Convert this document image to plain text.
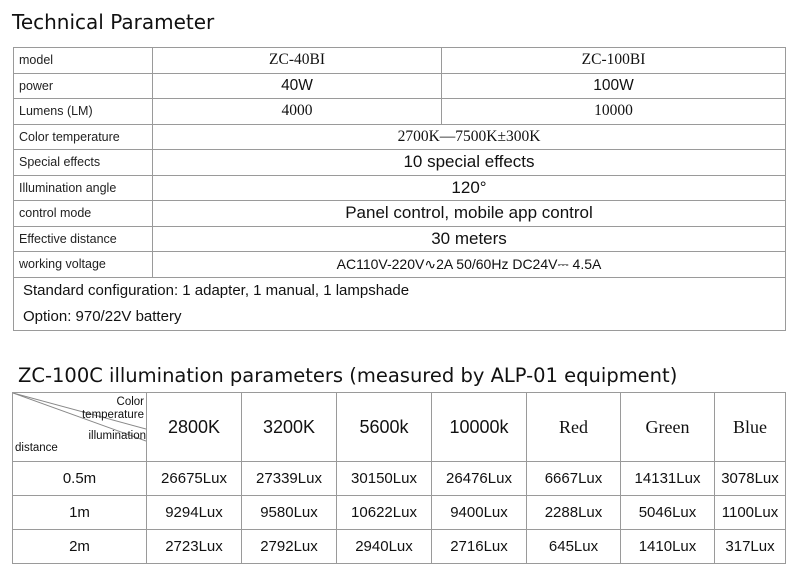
Technical Parameter
model	ZC-40BI	ZC-100BI
power	40W	100W
Lumens (LM)	4000	10000
Color temperature	2700K—7500K±300K	
Special effects	10 special effects	
Illumination angle	120°	
control mode	Panel control, mobile app control	
Effective distance	30 meters	
working voltage	AC110V-220V∿2A 50/60Hz DC24V⎓ 4.5A	
Standard configuration: 1 adapter, 1 manual, 1 lampshade		
Option: 970/22V battery		
ZC-100C illumination parameters (measured by ALP-01 equipment)
Color temperature
illumination
distance	2800K	3200K	5600k	10000k	Red	Green	Blue
0.5m	26675Lux	27339Lux	30150Lux	26476Lux	6667Lux	14131Lux	3078Lux
1m	9294Lux	9580Lux	10622Lux	9400Lux	2288Lux	5046Lux	1100Lux
2m	2723Lux	2792Lux	2940Lux	2716Lux	645Lux	1410Lux	317Lux
